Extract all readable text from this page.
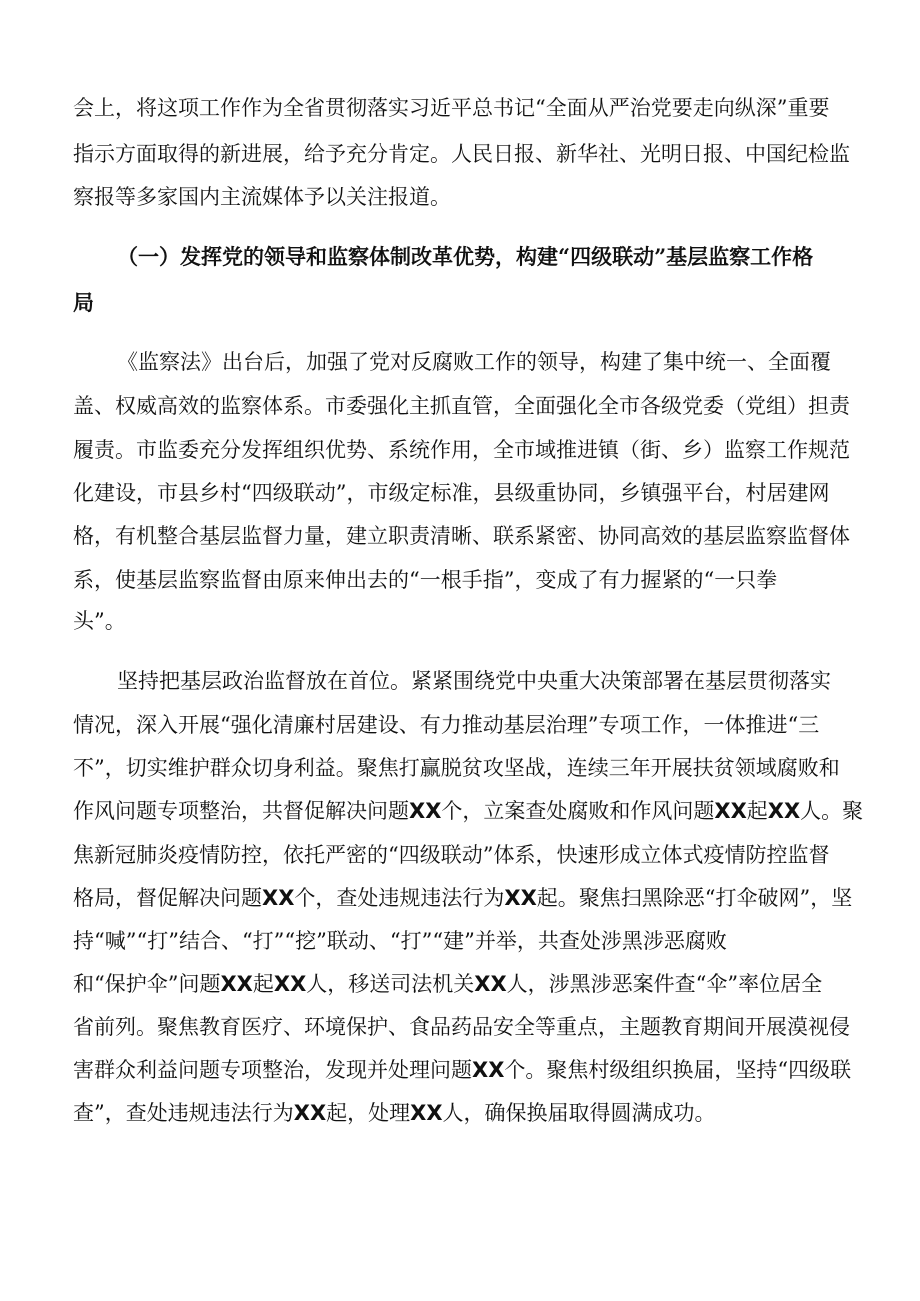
会上，将这项工作作为全省贯彻落实习近平总书记“全面从严治党要走向纵深”重要
指示方面取得的新进展，给予充分肯定。人民日报、新华社、光明日报、中国纪检监
察报等多家国内主流媒体予以关注报道。
（一）发挥党的领导和监察体制改革优势，构建“四级联动”基层监察工作格
局
《监察法》出台后，加强了党对反腐败工作的领导，构建了集中统一、全面覆
盖、权威高效的监察体系。市委强化主抓直管，全面强化全市各级党委（党组）担责
履责。市监委充分发挥组织优势、系统作用，全市域推进镇（街、乡）监察工作规范
化建设，市县乡村“四级联动”，市级定标准，县级重协同，乡镇强平台，村居建网
格，有机整合基层监督力量，建立职责清晰、联系紧密、协同高效的基层监察监督体
系，使基层监察监督由原来伸出去的“一根手指”，变成了有力握紧的“一只拳
头”。
坚持把基层政治监督放在首位。紧紧围绕党中央重大决策部署在基层贯彻落实
情况，深入开展“强化清廉村居建设、有力推动基层治理”专项工作，一体推进“三
不”，切实维护群众切身利益。聚焦打赢脱贫攻坚战，连续三年开展扶贫领域腐败和
作风问题专项整治，共督促解决问题XX个，立案查处腐败和作风问题XX起XX人。聚
焦新冠肺炎疫情防控，依托严密的“四级联动”体系，快速形成立体式疫情防控监督
格局，督促解决问题XX个，查处违规违法行为XX起。聚焦扫黑除恶“打伞破网”，坚
持“喊”“打”结合、“打”“挖”联动、“打”“建”并举，共查处涉黑涉恶腐败
和“保护伞”问题XX起XX人，移送司法机关XX人，涉黑涉恶案件查“伞”率位居全
省前列。聚焦教育医疗、环境保护、食品药品安全等重点，主题教育期间开展漠视侵
害群众利益问题专项整治，发现并处理问题XX个。聚焦村级组织换届，坚持“四级联
查”，查处违规违法行为XX起，处理XX人，确保换届取得圆满成功。
